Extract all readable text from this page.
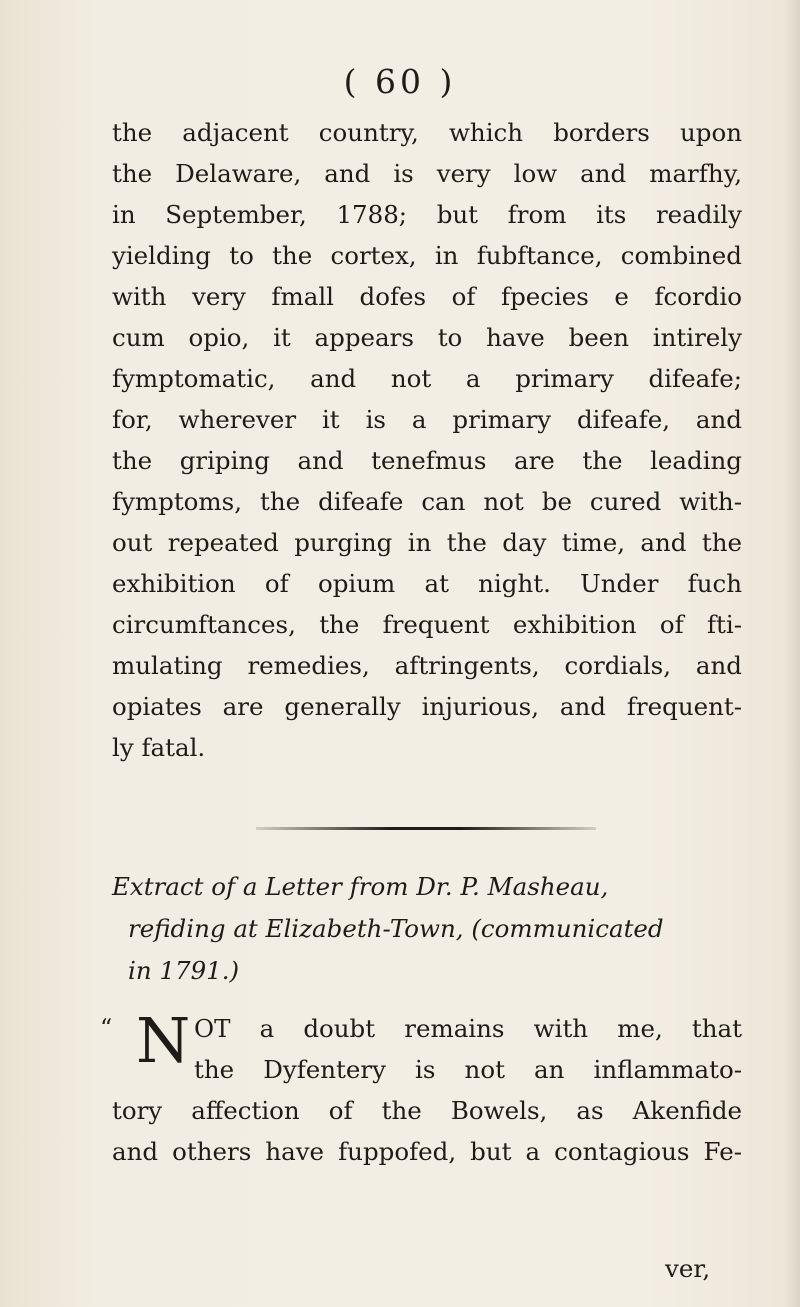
( 60 )
the adjacent country, which borders upon
the Delaware, and is very low and marfhy,
in September, 1788; but from its readily
yielding to the cortex, in fubftance, combined
with very fmall dofes of fpecies e fcordio
cum opio, it appears to have been intirely
fymptomatic, and not a primary difeafe;
for, wherever it is a primary difeafe, and
the griping and tenefmus are the leading
fymptoms, the difeafe can not be cured with-
out repeated purging in the day time, and the
exhibition of opium at night. Under fuch
circumftances, the frequent exhibition of fti-
mulating remedies, aftringents, cordials, and
opiates are generally injurious, and frequent-
ly fatal.
Extract of a Letter from Dr. P. Masheau,
refiding at Elizabeth-Town, (communicated
in 1791.)
“ N OT a doubt remains with me, that
the Dyfentery is not an inflammato-
tory affection of the Bowels, as Akenfide
and others have fuppofed, but a contagious Fe-
ver,
